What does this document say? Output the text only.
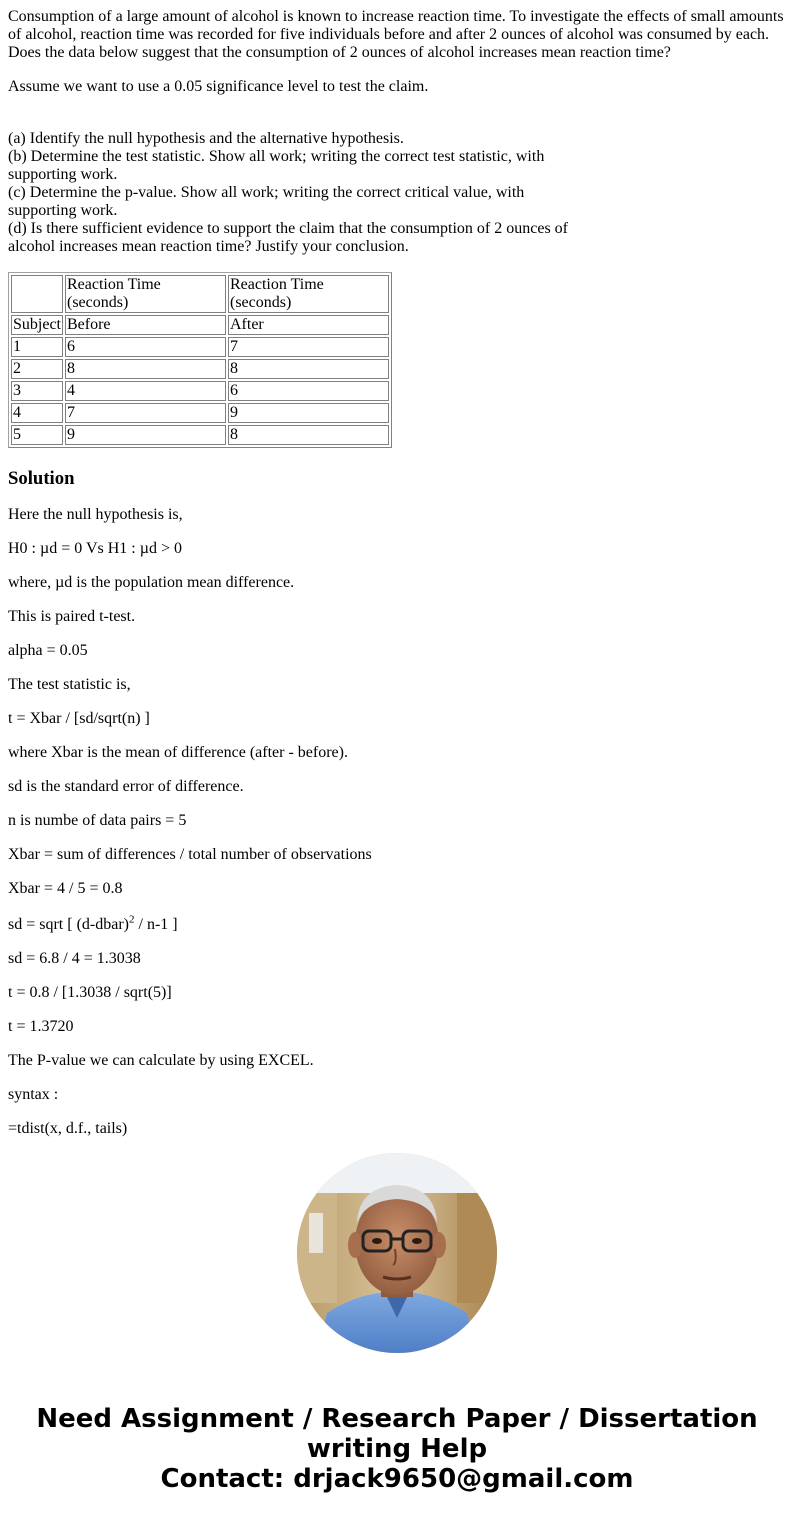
Consumption of a large amount of alcohol is known to increase reaction time. To investigate the effects of small amounts of alcohol, reaction time was recorded for five individuals before and after 2 ounces of alcohol was consumed by each. Does the data below suggest that the consumption of 2 ounces of alcohol increases mean reaction time?

Assume we want to use a 0.05 significance level to test the claim.

(a) Identify the null hypothesis and the alternative hypothesis.

(b) Determine the test statistic. Show all work; writing the correct test statistic, with supporting work.

(c) Determine the p-value. Show all work; writing the correct critical value, with supporting work.

(d) Is there sufficient evidence to support the claim that the consumption of 2 ounces of alcohol increases mean reaction time? Justify your conclusion.

	Reaction Time (seconds)	Reaction Time (seconds)
Subject	Before	After
1	6	7
2	8	8
3	4	6
4	7	9
5	9	8
Solution

Here the null hypothesis is,

H0 : µd = 0 Vs H1 : µd > 0

where, µd is the population mean difference.

This is paired t-test.

alpha = 0.05

The test statistic is,

t = Xbar / [sd/sqrt(n) ]

where Xbar is the mean of difference (after - before).

sd is the standard error of difference.

n is numbe of data pairs = 5

Xbar = sum of differences / total number of observations

Xbar = 4 / 5 = 0.8

sd = sqrt [ (d-dbar)$^2$ / n-1 ]

sd = 6.8 / 4 = 1.3038

t = 0.8 / [1.3038 / sqrt(5)]

t = 1.3720

The P-value we can calculate by using EXCEL.

syntax :

=tdist(x, d.f., tails)

Need Assignment / Research Paper / Dissertation
writing Help
Contact: drjack9650@gmail.com
